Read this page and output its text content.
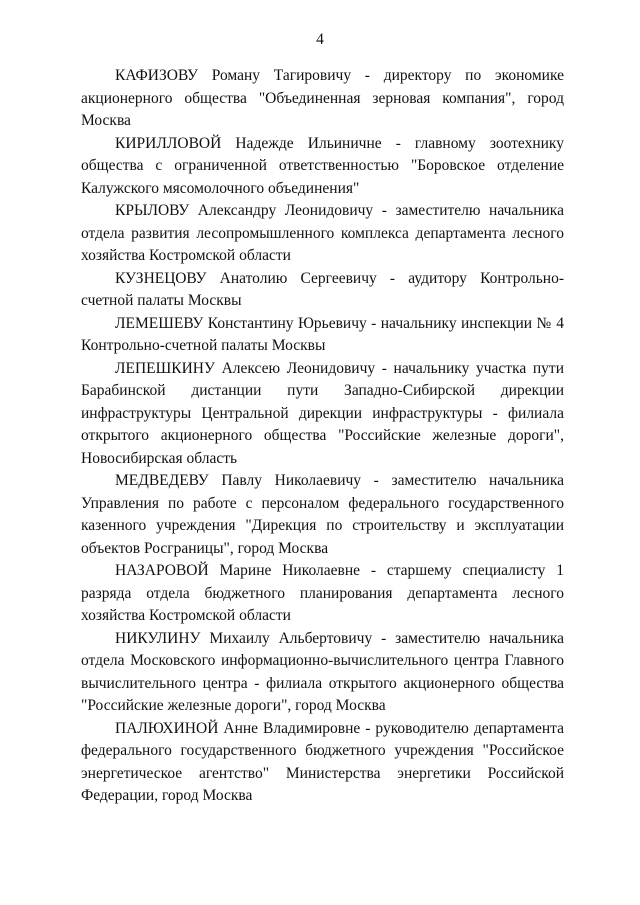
4

КАФИЗОВУ Роману Тагировичу - директору по экономике акционерного общества "Объединенная зерновая компания", город Москва

КИРИЛЛОВОЙ Надежде Ильиничне - главному зоотехнику общества с ограниченной ответственностью "Боровское отделение Калужского мясомолочного объединения"

КРЫЛОВУ Александру Леонидовичу - заместителю начальника отдела развития лесопромышленного комплекса департамента лесного хозяйства Костромской области

КУЗНЕЦОВУ Анатолию Сергеевичу - аудитору Контрольно-счетной палаты Москвы

ЛЕМЕШЕВУ Константину Юрьевичу - начальнику инспекции № 4 Контрольно-счетной палаты Москвы

ЛЕПЕШКИНУ Алексею Леонидовичу - начальнику участка пути Барабинской дистанции пути Западно-Сибирской дирекции инфраструктуры Центральной дирекции инфраструктуры - филиала открытого акционерного общества "Российские железные дороги", Новосибирская область

МЕДВЕДЕВУ Павлу Николаевичу - заместителю начальника Управления по работе с персоналом федерального государственного казенного учреждения "Дирекция по строительству и эксплуатации объектов Росграницы", город Москва

НАЗАРОВОЙ Марине Николаевне - старшему специалисту 1 разряда отдела бюджетного планирования департамента лесного хозяйства Костромской области

НИКУЛИНУ Михаилу Альбертовичу - заместителю начальника отдела Московского информационно-вычислительного центра Главного вычислительного центра - филиала открытого акционерного общества "Российские железные дороги", город Москва

ПАЛЮХИНОЙ Анне Владимировне - руководителю департамента федерального государственного бюджетного учреждения "Российское энергетическое агентство" Министерства энергетики Российской Федерации, город Москва
